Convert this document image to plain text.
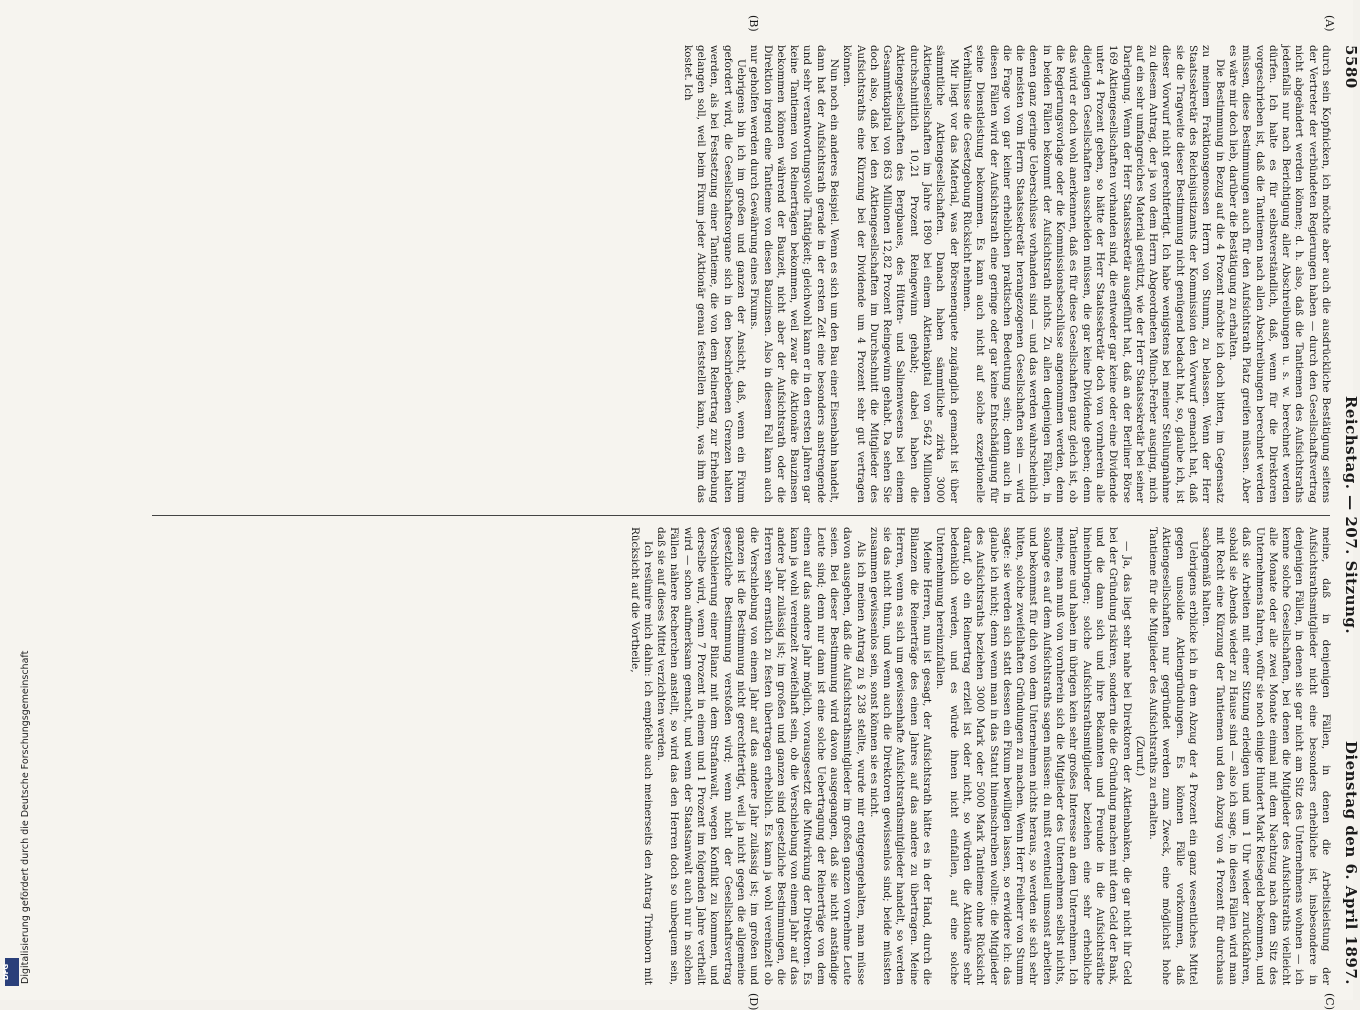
5580
Reichstag. — 207. Sitzung.
Dienstag den 6. April 1897.
(A)
(B)
(C)
(D)

durch sein Kopfnicken, ich möchte aber auch die ausdrückliche Bestätigung seitens der Vertreter der verbündeten Regierungen haben — durch den Gesellschaftsvertrag nicht abgeändert werden können; d. h. also, daß die Tantiemen des Aufsichtsraths jedenfalls nur nach Berichtigung aller Abschreibungen u. s. w. berechnet werden dürfen. Ich halte es für selbstverständlich, daß, wenn für die Direktoren vorgeschrieben ist, daß die Tantiemen nach allen Abschreibungen berechnet werden müssen, diese Bestimmungen auch für den Aufsichtsrath Platz greifen müssen. Aber es wäre mir doch lieb, darüber die Bestätigung zu erhalten.

Die Bestimmung in Bezug auf die 4 Prozent möchte ich doch bitten, im Gegensatz zu meinem Fraktionsgenossen Herrn von Stumm, zu belassen. Wenn der Herr Staatssekretär des Reichsjustizamts der Kommission den Vorwurf gemacht hat, daß sie die Tragweite dieser Bestimmung nicht genügend bedacht hat, so, glaube ich, ist dieser Vorwurf nicht gerechtfertigt. Ich habe wenigstens bei meiner Stellungnahme zu diesem Antrag, der ja von dem Herrn Abgeordneten Münch-Ferber ausging, mich auf ein sehr umfangreiches Material gestützt, wie der Herr Staatssekretär bei seiner Darlegung. Wenn der Herr Staatssekretär ausgeführt hat, daß an der Berliner Börse 169 Aktiengesellschaften vorhanden sind, die entweder gar keine oder eine Dividende unter 4 Prozent geben, so hätte der Herr Staatssekretär doch von vornherein alle diejenigen Gesellschaften ausscheiden müssen, die gar keine Dividende geben; denn das wird er doch wohl anerkennen, daß es für diese Gesellschaften ganz gleich ist, ob die Regierungsvorlage oder die Kommissionsbeschlüsse angenommen werden, denn in beiden Fällen bekommt der Aufsichtsrath nichts. Zu allen denjenigen Fällen, in denen ganz geringe Ueberschüsse vorhanden sind — und das werden wahrscheinlich die meisten vom Herrn Staatssekretär herangezogenen Gesellschaften sein — wird die Frage von gar keiner erheblichen praktischen Bedeutung sein; denn auch in diesen Fällen wird der Aufsichtsrath eine geringe oder gar keine Entschädigung für seine Dienstleistung bekommen. Es kann auch nicht auf solche exzeptionelle Verhältnisse die Gesetzgebung Rücksicht nehmen.

Mir liegt vor das Material, was der Börsenenquete zugänglich gemacht ist über sämmtliche Aktiengesellschaften. Danach haben sämmtliche zirka 3000 Aktiengesellschaften im Jahre 1890 bei einem Aktienkapital von 5642 Millionen durchschnittlich 10,21 Prozent Reingewinn gehabt; dabei haben die Aktiengesellschaften des Bergbaues, des Hütten- und Salinenwesens bei einem Gesammtkapital von 863 Millionen 12,82 Prozent Reingewinn gehabt. Da sehen Sie doch also, daß bei den Aktiengesellschaften im Durchschnitt die Mitglieder des Aufsichtsraths eine Kürzung bei der Dividende um 4 Prozent sehr gut vertragen können.

Nun noch ein anderes Beispiel. Wenn es sich um den Bau einer Eisenbahn handelt, dann hat der Aufsichtsrath gerade in der ersten Zeit eine besonders anstrengende und sehr verantwortungsvolle Thätigkeit; gleichwohl kann er in den ersten Jahren gar keine Tantiemen von Reinerträgen bekommen, weil zwar die Aktionäre Bauzinsen bekommen können während der Bauzeit, nicht aber der Aufsichtsrath oder die Direktion irgend eine Tantieme von diesen Bauzinsen. Also in diesem Fall kann auch nur geholfen werden durch Gewährung eines Fixums.

Uebrigens bin ich im großen und ganzen der Ansicht, daß, wenn ein Fixum gefordert wird, die Gesellschaftsorgane sich in den beschriebenen Grenzen halten werden, als bei Festsetzung einer Tantieme, die von dem Reinertrag zur Erhebung gelangen soll, weil beim Fixum jeder Aktionär genau feststellen kann, was ihm das kostet. Ich

meine, daß in denjenigen Fällen, in denen die Arbeitsleistung der Aufsichtsrathsmitglieder nicht eine besonders erhebliche ist, insbesondere in denjenigen Fällen, in denen sie gar nicht am Sitz des Unternehmens wohnen — ich kenne solche Gesellschaften, bei denen die Mitglieder des Aufsichtsraths vielleicht alle Monate oder alle zwei Monate einmal mit dem Nachtzug nach dem Sitz des Unternehmens fahren, wofür sie noch einige Hundert Mark Reisegeld bekommen, und daß sie Arbeiten mit einer Sitzung erledigen und um 1 Uhr wieder zurückfahren, sobald sie Abends wieder zu Hause sind — also ich sage, in diesen Fällen wird man mit Recht eine Kürzung der Tantiemen und den Abzug von 4 Prozent für durchaus sachgemäß halten.

Uebrigens erblicke ich in dem Abzug der 4 Prozent ein ganz wesentliches Mittel gegen unsolide Aktiengründungen. Es können Fälle vorkommen, daß Aktiengesellschaften nur gegründet werden zum Zweck, eine möglichst hohe Tantieme für die Mitglieder des Aufsichtsraths zu erhalten.

(Zuruf.)

— Ja, das liegt sehr nahe bei Direktoren der Aktienbanken, die gar nicht ihr Geld bei der Gründung riskiren, sondern die die Gründung machen mit dem Geld der Bank, und die dann sich und ihre Bekannten und Freunde in die Aufsichtsräthe hineinbringen; solche Aufsichtsrathsmitglieder beziehen eine sehr erhebliche Tantieme und haben im übrigen kein sehr großes Interesse an dem Unternehmen. Ich meine, man muß von vornherein sich die Mitglieder des Unternehmen selbst nichts, solange es auf dem Aufsichtsraths sagen müssen: du mußt eventuell umsonst arbeiten und bekommst für dich von dem Unternehmen nichts heraus, so werden sie sich sehr hüten, solche zweifelhaften Gründungen zu machen. Wenn Herr Freiherr von Stumm sagte: sie werden sich statt dessen ein Fixum bewilligen lassen, so erwidere ich: das glaube ich nicht; denn wenn man in das Statut hineinschreiben wollte: die Mitglieder des Aufsichtsraths beziehen 3000 Mark oder 5000 Mark Tantieme ohne Rücksicht darauf, ob ein Reinertrag erzielt ist oder nicht, so würden die Aktionäre sehr bedenklich werden, und es würde ihnen nicht einfallen, auf eine solche Unternehmung hereinzufallen.

Meine Herren, nun ist gesagt, der Aufsichtsrath hätte es in der Hand, durch die Bilanzen die Reinerträge des einen Jahres auf das andere zu übertragen. Meine Herren, wenn es sich um gewissenhafte Aufsichtsrathsmitglieder handelt, so werden sie das nicht thun, und wenn auch die Direktoren gewissenlos sind; beide müssten zusammen gewissenlos sein, sonst können sie es nicht.

Als ich meinen Antrag zu § 238 stellte, wurde mir entgegengehalten, man müsse davon ausgehen, daß die Aufsichtsrathsmitglieder im großen ganzen vornehme Leute seien. Bei dieser Bestimmung wird davon ausgegangen, daß sie nicht anständige Leute sind; denn nur dann ist eine solche Uebertragung der Reinerträge von dem einen auf das andere Jahr möglich, vorausgesetzt die Mitwirkung der Direktoren. Es kann ja wohl vereinzelt zweifelhaft sein, ob die Verschiebung von einem Jahr auf das andere Jahr zulässig ist; im großen und ganzen sind gesetzliche Bestimmungen, die Herren sehr ernstlich zu festen übertragen erheblich. Es kann ja wohl vereinzelt ob die Verschiebung von einem Jahr auf das andere Jahr zulässig ist; im großen und ganzen ist die Bestimmung nicht gerechtfertigt, weil ja nicht gegen die allgemeine gesetzliche Bestimmung verstoßen wird; wenn nicht der Gesellschaftsvertrag Verschleierung einer Bilanz mit dem Strafanwalt, wegen Konflikt zu kommen, und derselbe wird, wenn 7 Prozent in einem und 1 Prozent im folgenden Jahre vertheilt wird — schon aufmerksam gemacht, und wenn der Staatsanwalt auch nur in solchen Fällen nähere Recherchen anstellt, so wird das den Herren doch so unbequem sein, daß sie auf dieses Mittel verzichten werden.

Ich resümire mich dahin: ich empfehle auch meinerseits den Antrag Trimborn mit Rücksicht auf die Vortheile,

Digitalisierung gefördert durch die Deutsche Forschungsgemeinschaft
DFG
